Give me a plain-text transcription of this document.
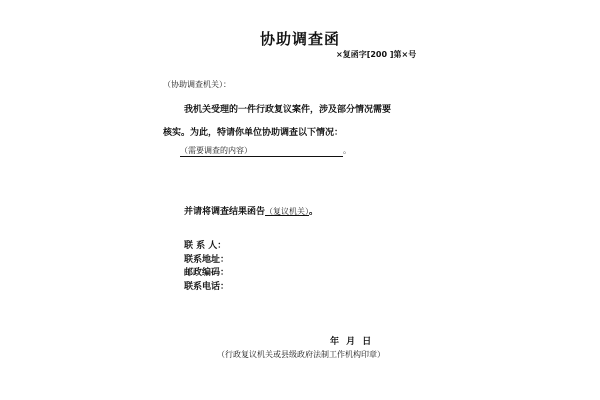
协助调查函
×复函字[200 ]第×号
（协助调查机关）：
我机关受理的一件行政复议案件，涉及部分情况需要
核实。为此，特请你单位协助调查以下情况：
（需要调查的内容）	。
并请将调查结果函告（复议机关）。
联 系 人：
联系地址：
邮政编码：
联系电话：
年 月 日
（行政复议机关或县级政府法制工作机构印章）
